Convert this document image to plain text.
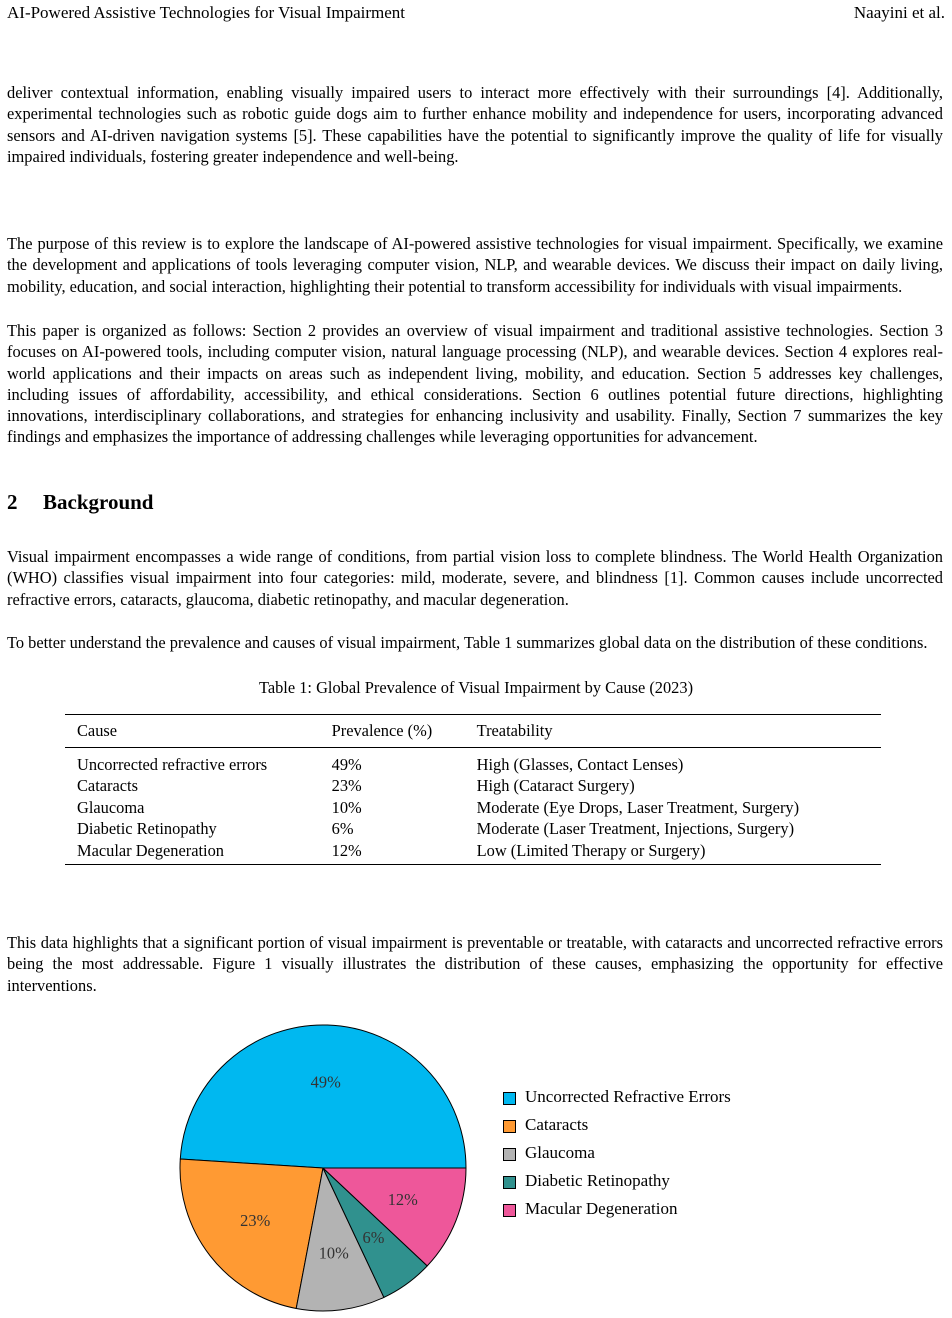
AI-Powered Assistive Technologies for Visual Impairment	Naayini et al.

deliver contextual information, enabling visually impaired users to interact more effectively with their surroundings [4]. Additionally, experimental technologies such as robotic guide dogs aim to further enhance mobility and independence for users, incorporating advanced sensors and AI-driven navigation systems [5]. These capabilities have the potential to significantly improve the quality of life for visually impaired individuals, fostering greater independence and well-being.

The purpose of this review is to explore the landscape of AI-powered assistive technologies for visual impairment. Specifically, we examine the development and applications of tools leveraging computer vision, NLP, and wearable devices. We discuss their impact on daily living, mobility, education, and social interaction, highlighting their potential to transform accessibility for individuals with visual impairments.

This paper is organized as follows: Section 2 provides an overview of visual impairment and traditional assistive technologies. Section 3 focuses on AI-powered tools, including computer vision, natural language processing (NLP), and wearable devices. Section 4 explores real-world applications and their impacts on areas such as independent living, mobility, and education. Section 5 addresses key challenges, including issues of affordability, accessibility, and ethical considerations. Section 6 outlines potential future directions, highlighting innovations, interdisciplinary collaborations, and strategies for enhancing inclusivity and usability. Finally, Section 7 summarizes the key findings and emphasizes the importance of addressing challenges while leveraging opportunities for advancement.

2 Background

Visual impairment encompasses a wide range of conditions, from partial vision loss to complete blindness. The World Health Organization (WHO) classifies visual impairment into four categories: mild, moderate, severe, and blindness [1]. Common causes include uncorrected refractive errors, cataracts, glaucoma, diabetic retinopathy, and macular degeneration.

To better understand the prevalence and causes of visual impairment, Table 1 summarizes global data on the distribution of these conditions.

Table 1: Global Prevalence of Visual Impairment by Cause (2023)
Cause	Prevalence (%)	Treatability
Uncorrected refractive errors	49%	High (Glasses, Contact Lenses)
Cataracts	23%	High (Cataract Surgery)
Glaucoma	10%	Moderate (Eye Drops, Laser Treatment, Surgery)
Diabetic Retinopathy	6%	Moderate (Laser Treatment, Injections, Surgery)
Macular Degeneration	12%	Low (Limited Therapy or Surgery)

This data highlights that a significant portion of visual impairment is preventable or treatable, with cataracts and uncorrected refractive errors being the most addressable. Figure 1 visually illustrates the distribution of these causes, emphasizing the opportunity for effective interventions.

49%
23%
10%
6%
12%
Uncorrected Refractive Errors
Cataracts
Glaucoma
Diabetic Retinopathy
Macular Degeneration
